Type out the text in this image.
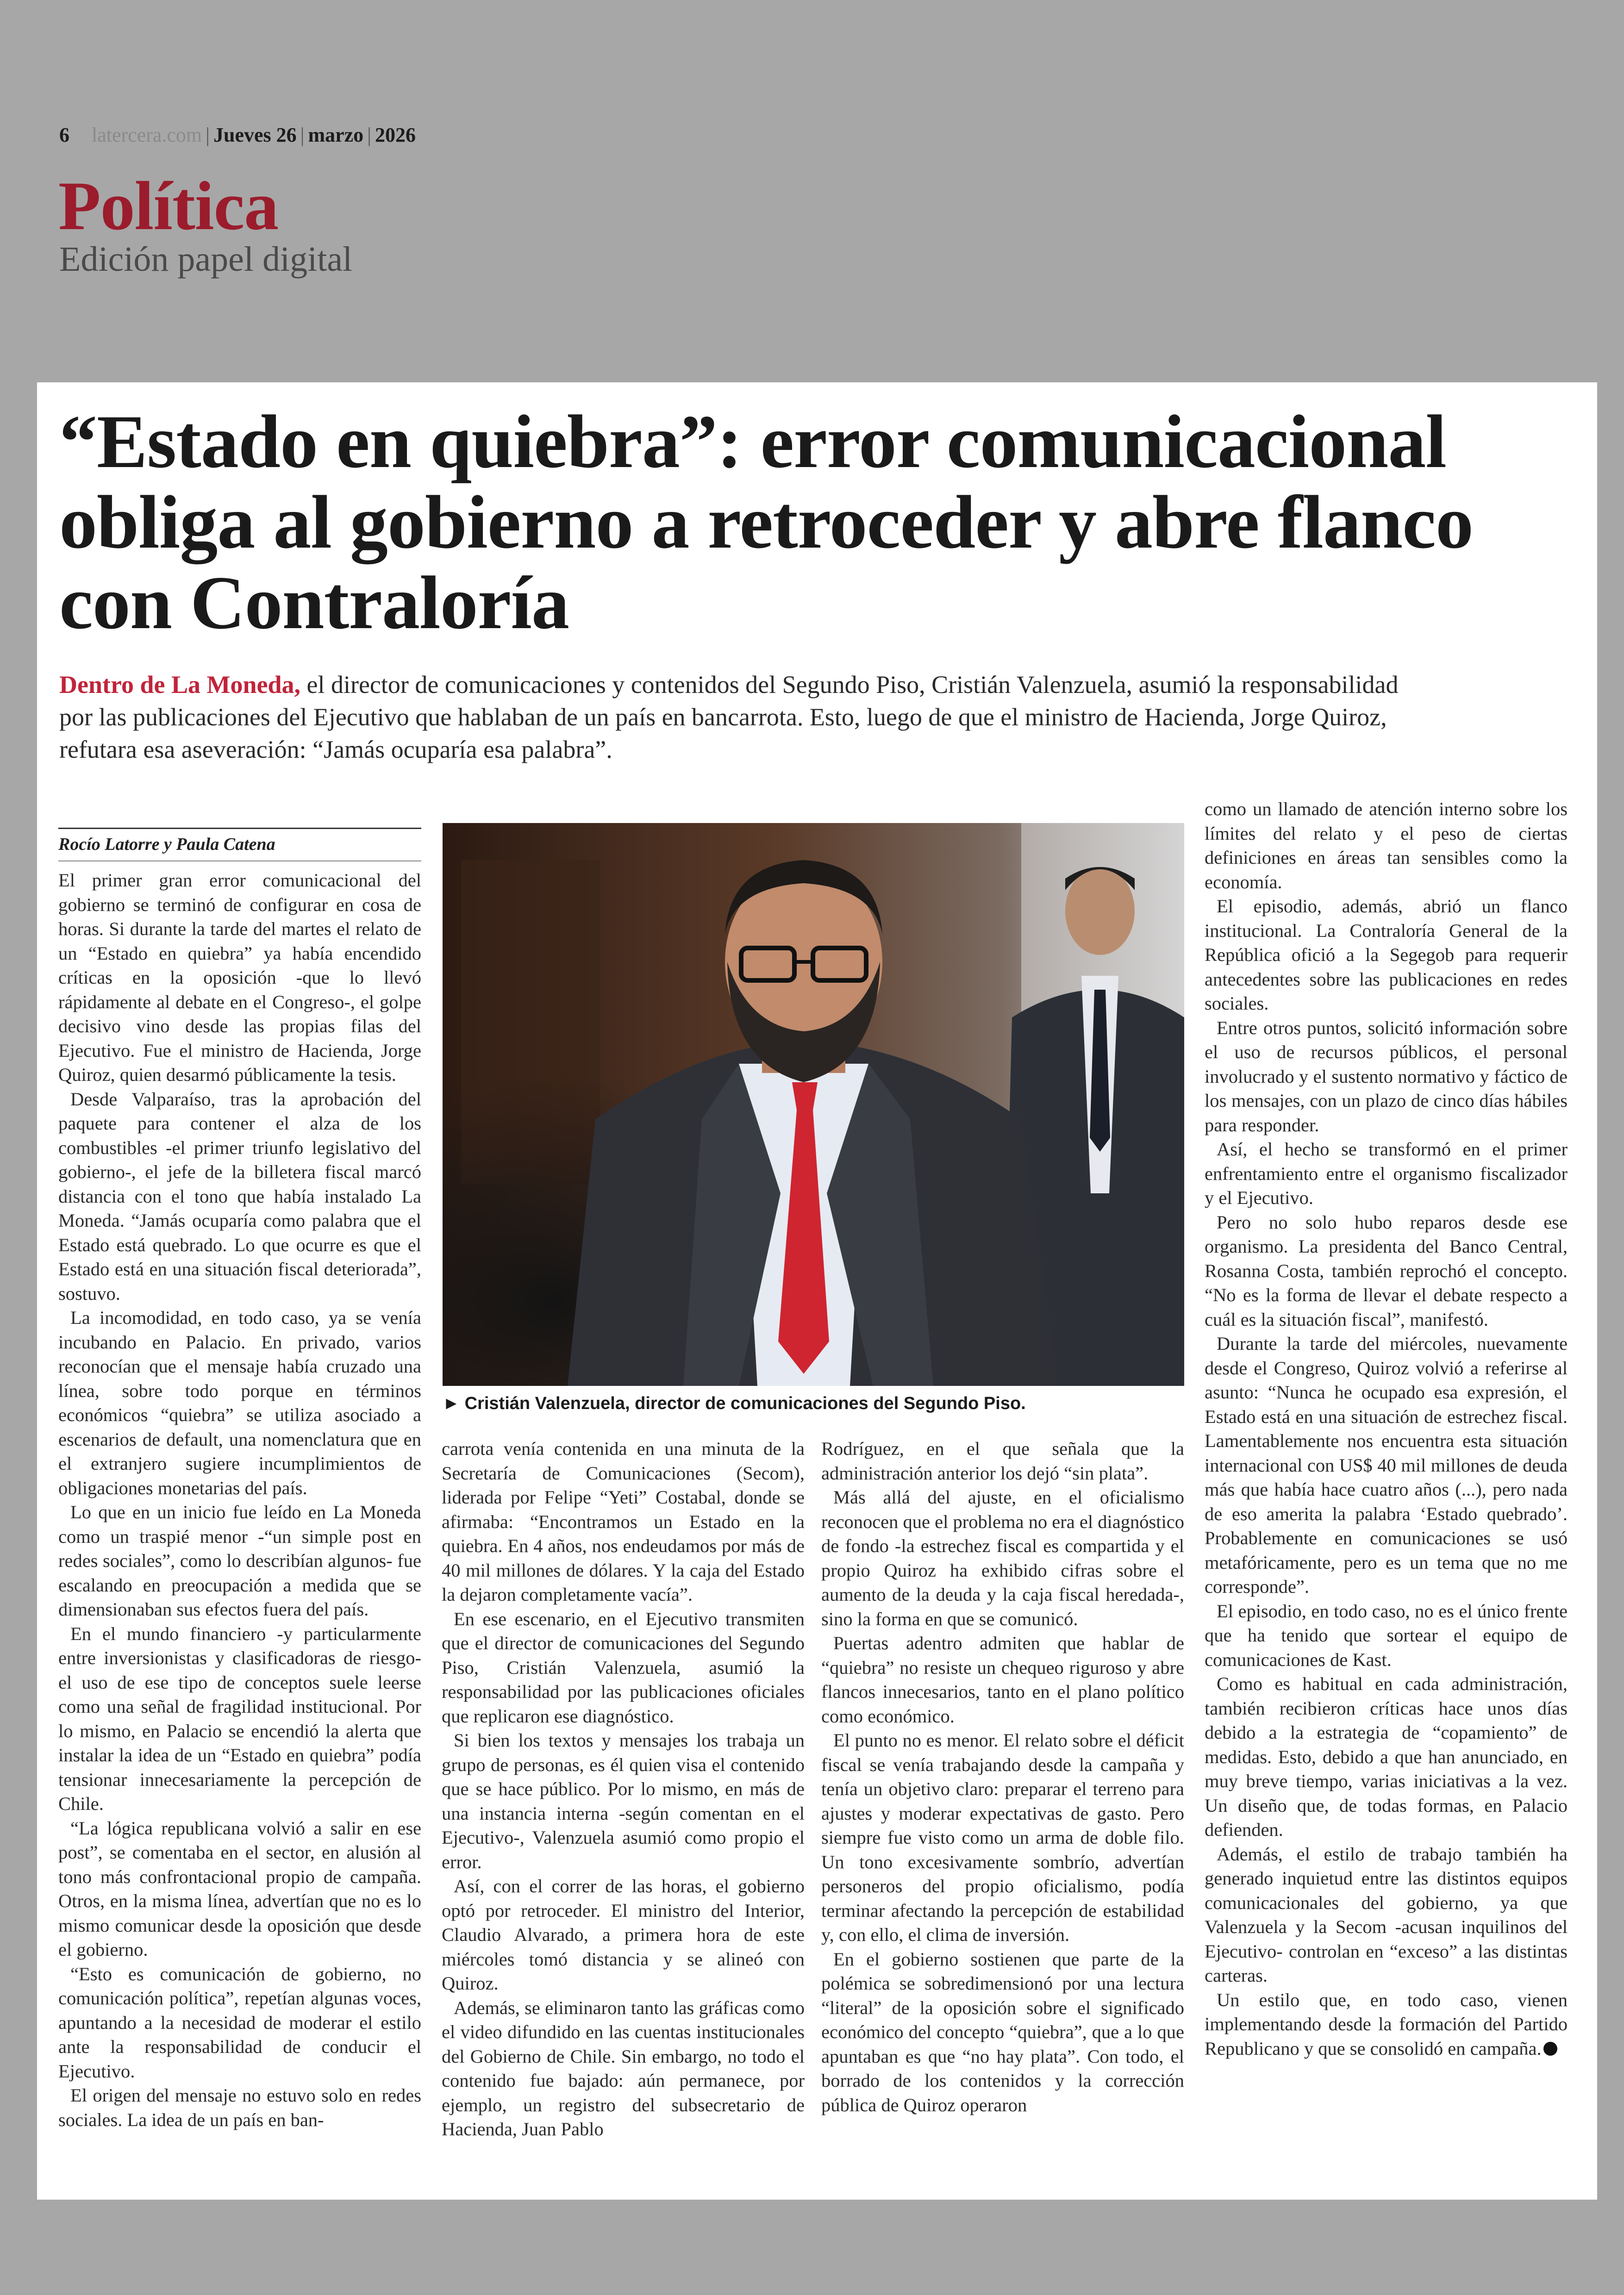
6 latercera.com | Jueves 26 | marzo | 2026
Política
Edición papel digital
“Estado en quiebra”: error comunicacional obliga al gobierno a retroceder y abre flanco con Contraloría
Dentro de La Moneda, el director de comunicaciones y contenidos del Segundo Piso, Cristián Valenzuela, asumió la responsabilidad por las publicaciones del Ejecutivo que hablaban de un país en bancarrota. Esto, luego de que el ministro de Hacienda, Jorge Quiroz, refutara esa aseveración: “Jamás ocuparía esa palabra”.
Rocío Latorre y Paula Catena

El primer gran error comunicacional del gobierno se terminó de configurar en cosa de horas. Si durante la tarde del martes el relato de un “Estado en quiebra” ya había encendido críticas en la oposición -que lo llevó rápidamente al debate en el Congreso-, el golpe decisivo vino desde las propias filas del Ejecutivo. Fue el ministro de Hacienda, Jorge Quiroz, quien desarmó públicamente la tesis.

Desde Valparaíso, tras la aprobación del paquete para contener el alza de los combustibles -el primer triunfo legislativo del gobierno-, el jefe de la billetera fiscal marcó distancia con el tono que había instalado La Moneda. “Jamás ocuparía como palabra que el Estado está quebrado. Lo que ocurre es que el Estado está en una situación fiscal deteriorada”, sostuvo.

La incomodidad, en todo caso, ya se venía incubando en Palacio. En privado, varios reconocían que el mensaje había cruzado una línea, sobre todo porque en términos económicos “quiebra” se utiliza asociado a escenarios de default, una nomenclatura que en el extranjero sugiere incumplimientos de obligaciones monetarias del país.

Lo que en un inicio fue leído en La Moneda como un traspié menor -“un simple post en redes sociales”, como lo describían algunos- fue escalando en preocupación a medida que se dimensionaban sus efectos fuera del país.

En el mundo financiero -y particularmente entre inversionistas y clasificadoras de riesgo- el uso de ese tipo de conceptos suele leerse como una señal de fragilidad institucional. Por lo mismo, en Palacio se encendió la alerta que instalar la idea de un “Estado en quiebra” podía tensionar innecesariamente la percepción de Chile.

“La lógica republicana volvió a salir en ese post”, se comentaba en el sector, en alusión al tono más confrontacional propio de campaña. Otros, en la misma línea, advertían que no es lo mismo comunicar desde la oposición que desde el gobierno.

“Esto es comunicación de gobierno, no comunicación política”, repetían algunas voces, apuntando a la necesidad de moderar el estilo ante la responsabilidad de conducir el Ejecutivo.

El origen del mensaje no estuvo solo en redes sociales. La idea de un país en ban-

► Cristián Valenzuela, director de comunicaciones del Segundo Piso.

carrota venía contenida en una minuta de la Secretaría de Comunicaciones (Secom), liderada por Felipe “Yeti” Costabal, donde se afirmaba: “Encontramos un Estado en la quiebra. En 4 años, nos endeudamos por más de 40 mil millones de dólares. Y la caja del Estado la dejaron completamente vacía”.

En ese escenario, en el Ejecutivo transmiten que el director de comunicaciones del Segundo Piso, Cristián Valenzuela, asumió la responsabilidad por las publicaciones oficiales que replicaron ese diagnóstico.

Si bien los textos y mensajes los trabaja un grupo de personas, es él quien visa el contenido que se hace público. Por lo mismo, en más de una instancia interna -según comentan en el Ejecutivo-, Valenzuela asumió como propio el error.

Así, con el correr de las horas, el gobierno optó por retroceder. El ministro del Interior, Claudio Alvarado, a primera hora de este miércoles tomó distancia y se alineó con Quiroz.

Además, se eliminaron tanto las gráficas como el video difundido en las cuentas institucionales del Gobierno de Chile. Sin embargo, no todo el contenido fue bajado: aún permanece, por ejemplo, un registro del subsecretario de Hacienda, Juan Pablo

Rodríguez, en el que señala que la administración anterior los dejó “sin plata”.

Más allá del ajuste, en el oficialismo reconocen que el problema no era el diagnóstico de fondo -la estrechez fiscal es compartida y el propio Quiroz ha exhibido cifras sobre el aumento de la deuda y la caja fiscal heredada-, sino la forma en que se comunicó.

Puertas adentro admiten que hablar de “quiebra” no resiste un chequeo riguroso y abre flancos innecesarios, tanto en el plano político como económico.

El punto no es menor. El relato sobre el déficit fiscal se venía trabajando desde la campaña y tenía un objetivo claro: preparar el terreno para ajustes y moderar expectativas de gasto. Pero siempre fue visto como un arma de doble filo. Un tono excesivamente sombrío, advertían personeros del propio oficialismo, podía terminar afectando la percepción de estabilidad y, con ello, el clima de inversión.

En el gobierno sostienen que parte de la polémica se sobredimensionó por una lectura “literal” de la oposición sobre el significado económico del concepto “quiebra”, que a lo que apuntaban es que “no hay plata”. Con todo, el borrado de los contenidos y la corrección pública de Quiroz operaron

como un llamado de atención interno sobre los límites del relato y el peso de ciertas definiciones en áreas tan sensibles como la economía.

El episodio, además, abrió un flanco institucional. La Contraloría General de la República ofició a la Segegob para requerir antecedentes sobre las publicaciones en redes sociales.

Entre otros puntos, solicitó información sobre el uso de recursos públicos, el personal involucrado y el sustento normativo y fáctico de los mensajes, con un plazo de cinco días hábiles para responder.

Así, el hecho se transformó en el primer enfrentamiento entre el organismo fiscalizador y el Ejecutivo.

Pero no solo hubo reparos desde ese organismo. La presidenta del Banco Central, Rosanna Costa, también reprochó el concepto. “No es la forma de llevar el debate respecto a cuál es la situación fiscal”, manifestó.

Durante la tarde del miércoles, nuevamente desde el Congreso, Quiroz volvió a referirse al asunto: “Nunca he ocupado esa expresión, el Estado está en una situación de estrechez fiscal. Lamentablemente nos encuentra esta situación internacional con US$ 40 mil millones de deuda más que había hace cuatro años (...), pero nada de eso amerita la palabra ‘Estado quebrado’. Probablemente en comunicaciones se usó metafóricamente, pero es un tema que no me corresponde”.

El episodio, en todo caso, no es el único frente que ha tenido que sortear el equipo de comunicaciones de Kast.

Como es habitual en cada administración, también recibieron críticas hace unos días debido a la estrategia de “copamiento” de medidas. Esto, debido a que han anunciado, en muy breve tiempo, varias iniciativas a la vez. Un diseño que, de todas formas, en Palacio defienden.

Además, el estilo de trabajo también ha generado inquietud entre las distintos equipos comunicacionales del gobierno, ya que Valenzuela y la Secom -acusan inquilinos del Ejecutivo- controlan en “exceso” a las distintas carteras.

Un estilo que, en todo caso, vienen implementando desde la formación del Partido Republicano y que se consolidó en campaña.
